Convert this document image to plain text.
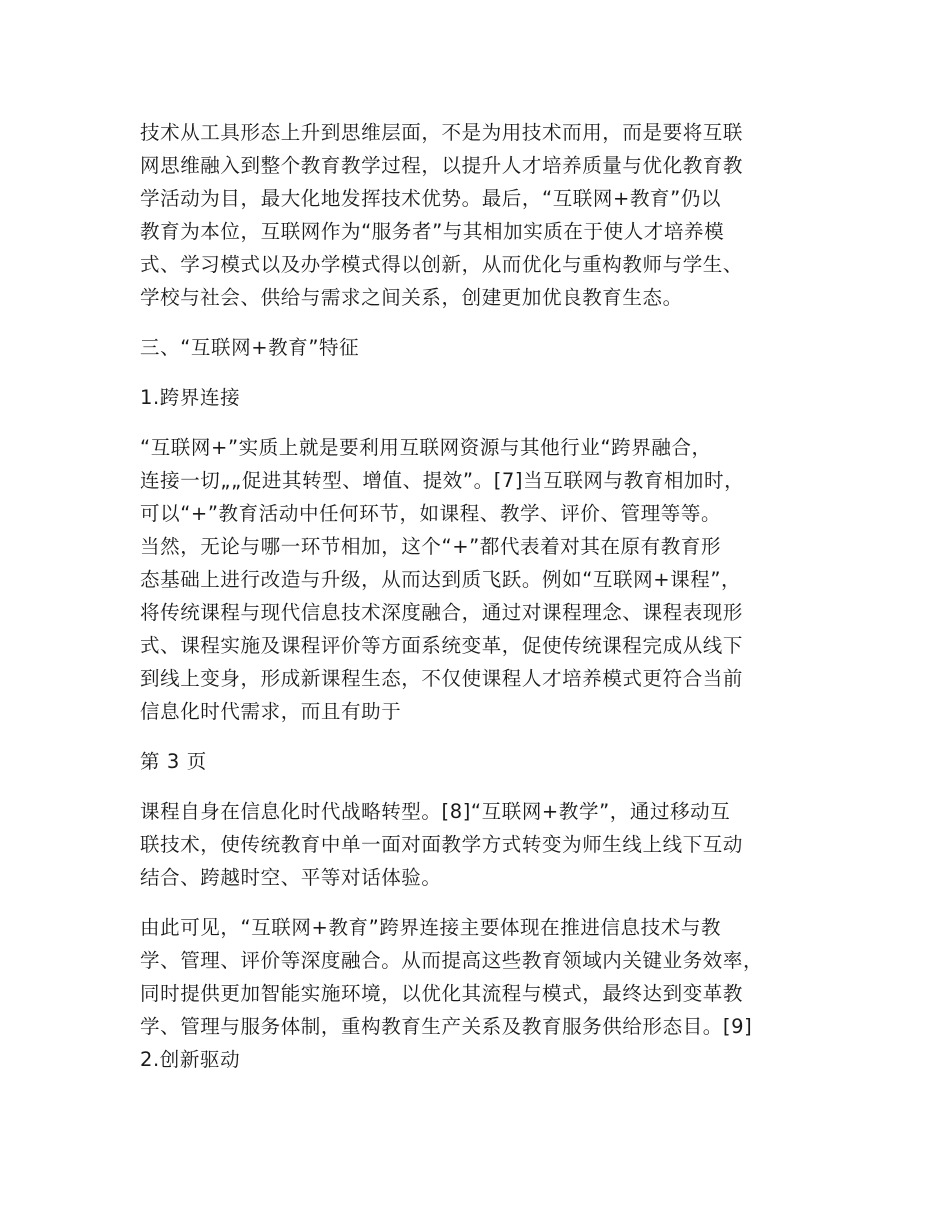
技术从工具形态上升到思维层面，不是为用技术而用，而是要将互联
网思维融入到整个教育教学过程，以提升人才培养质量与优化教育教
学活动为目，最大化地发挥技术优势。最后，“互联网+教育”仍以
教育为本位，互联网作为“服务者”与其相加实质在于使人才培养模
式、学习模式以及办学模式得以创新，从而优化与重构教师与学生、
学校与社会、供给与需求之间关系，创建更加优良教育生态。

三、“互联网+教育”特征

1.跨界连接

“互联网+”实质上就是要利用互联网资源与其他行业“跨界融合，
连接一切„„促进其转型、增值、提效”。[7]当互联网与教育相加时，
可以“+”教育活动中任何环节，如课程、教学、评价、管理等等。
当然，无论与哪一环节相加，这个“+”都代表着对其在原有教育形
态基础上进行改造与升级，从而达到质飞跃。例如“互联网+课程”，
将传统课程与现代信息技术深度融合，通过对课程理念、课程表现形
式、课程实施及课程评价等方面系统变革，促使传统课程完成从线下
到线上变身，形成新课程生态，不仅使课程人才培养模式更符合当前
信息化时代需求，而且有助于

第 3 页

课程自身在信息化时代战略转型。[8]“互联网+教学”，通过移动互
联技术，使传统教育中单一面对面教学方式转变为师生线上线下互动
结合、跨越时空、平等对话体验。

由此可见，“互联网+教育”跨界连接主要体现在推进信息技术与教
学、管理、评价等深度融合。从而提高这些教育领域内关键业务效率，
同时提供更加智能实施环境，以优化其流程与模式，最终达到变革教
学、管理与服务体制，重构教育生产关系及教育服务供给形态目。[9]

2.创新驱动
